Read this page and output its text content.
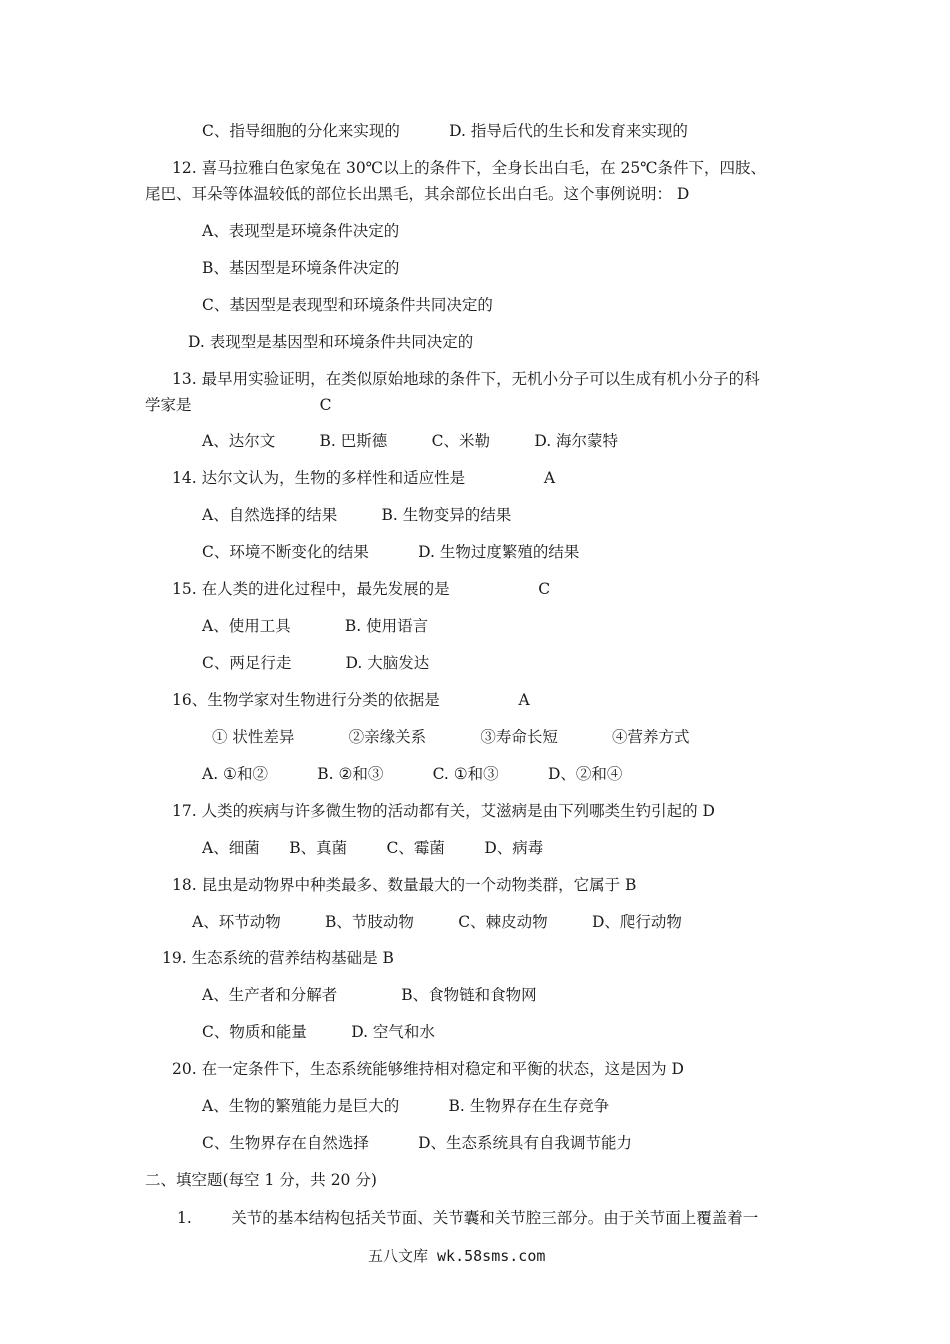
C、指导细胞的分化来实现的          D. 指导后代的生长和发育来实现的
12. 喜马拉雅白色家兔在 30℃以上的条件下，全身长出白毛，在 25℃条件下，四肢、
尾巴、耳朵等体温较低的部位长出黑毛，其余部位长出白毛。这个事例说明： D
A、表现型是环境条件决定的
B、基因型是环境条件决定的
C、基因型是表现型和环境条件共同决定的
D. 表现型是基因型和环境条件共同决定的
13. 最早用实验证明，在类似原始地球的条件下，无机小分子可以生成有机小分子的科
学家是                          C
A、达尔文         B. 巴斯德         C、米勒         D. 海尔蒙特
14. 达尔文认为，生物的多样性和适应性是                A
A、自然选择的结果         B. 生物变异的结果
C、环境不断变化的结果          D. 生物过度繁殖的结果
15. 在人类的进化过程中，最先发展的是                  C
A、使用工具           B. 使用语言
C、两足行走           D. 大脑发达
16、生物学家对生物进行分类的依据是                A
① 状性差异           ②亲缘关系           ③寿命长短           ④营养方式
A. ①和②          B. ②和③          C. ①和③          D、②和④
17. 人类的疾病与许多微生物的活动都有关，艾滋病是由下列哪类生钓引起的 D
A、细菌      B、真菌        C、霉菌        D、病毒
18. 昆虫是动物界中种类最多、数量最大的一个动物类群，它属于 B
A、环节动物         B、节肢动物         C、棘皮动物         D、爬行动物
19. 生态系统的营养结构基础是 B
A、生产者和分解者             B、食物链和食物网
C、物质和能量         D. 空气和水
20. 在一定条件下，生态系统能够维持相对稳定和平衡的状态，这是因为 D
A、生物的繁殖能力是巨大的          B. 生物界存在生存竞争
C、生物界存在自然选择          D、生态系统具有自我调节能力
二、填空题(每空 1 分，共 20 分)
1.        关节的基本结构包括关节面、关节囊和关节腔三部分。由于关节面上覆盖着一
五八文库 wk.58sms.com
